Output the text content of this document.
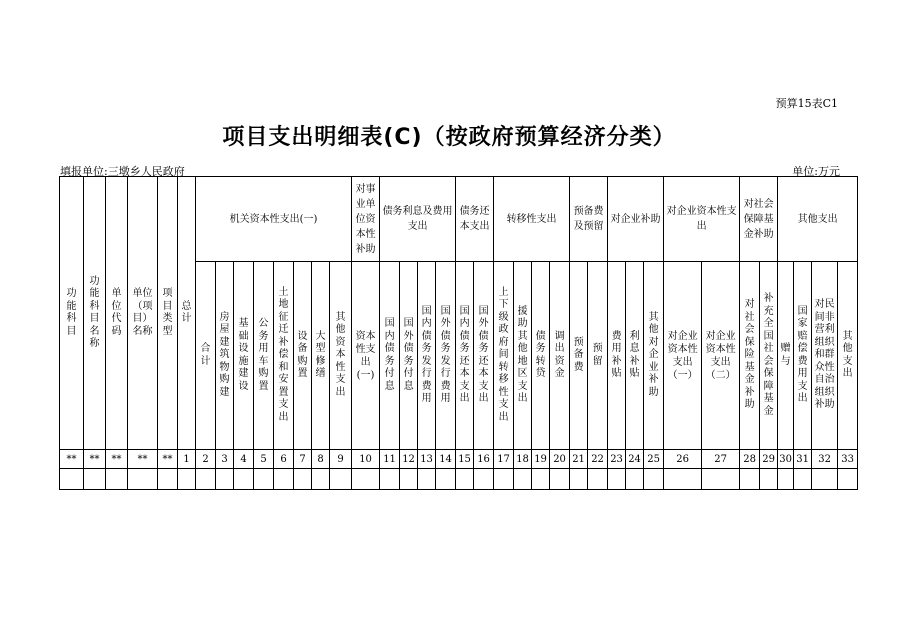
预算15表C1
项目支出明细表(C)（按政府预算经济分类）
填报单位:三墩乡人民政府	单位:万元
功能科目	功能科目名称	单位代码	单位（项目）名称	项目类型	总计	机关资本性支出(一)								对事业单位资本性补助	债务利息及费用支出				债务还本支出		转移性支出				预备费及预留		对企业补助			对企业资本性支出		对社会保障基金补助		其他支出			
						合计	房屋建筑物购建	基础设施建设	公务用车购置	土地征迁补偿和安置支出	设备购置	大型修缮	其他资本性支出	资本性支出(一)	国内债务付息	国外债务付息	国内债务发行费用	国外债务发行费用	国内债务还本支出	国外债务还本支出	上下级政府间转移性支出	援助其他地区支出	债务转贷	调出资金	预备费	预留	费用补贴	利息补贴	其他对企业补助	对企业资本性支出（一）	对企业资本性支出（二）	对社会保险基金补助	补充全国社会保障基金	赠与	国家赔偿费用支出	对民间非营利组织和群众性自治组织补助	其他支出
**	**	**	**	**	1	2	3	4	5	6	7	8	9	10	11	12	13	14	15	16	17	18	19	20	21	22	23	24	25	26	27	28	29	30	31	32	33
